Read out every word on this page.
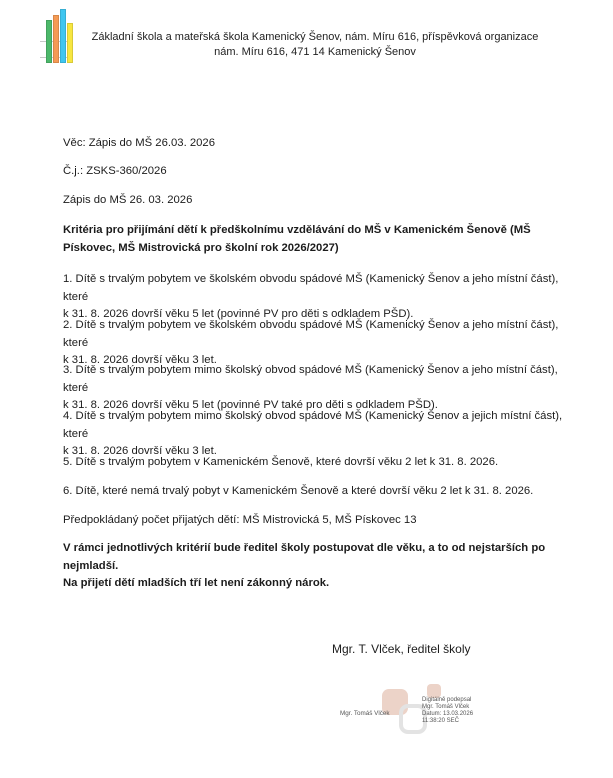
Základní škola a mateřská škola Kamenický Šenov, nám. Míru 616, příspěvková organizace
nám. Míru 616, 471 14 Kamenický Šenov
Věc: Zápis do MŠ 26.03. 2026
Č.j.: ZSKS-360/2026
Zápis do MŠ 26. 03. 2026
Kritéria pro přijímání dětí k předškolnímu vzdělávání do MŠ v Kamenickém Šenově (MŠ
Pískovec, MŠ Mistrovická pro školní rok 2026/2027)
1. Dítě s trvalým pobytem ve školském obvodu spádové MŠ (Kamenický Šenov a jeho místní část), které
k 31. 8. 2026 dovrší věku 5 let (povinné PV pro děti s odkladem PŠD).
2. Dítě s trvalým pobytem ve školském obvodu spádové MŠ (Kamenický Šenov a jeho místní část), které
k 31. 8. 2026 dovrší věku 3 let.
3. Dítě s trvalým pobytem mimo školský obvod spádové MŠ (Kamenický Šenov a jeho místní část), které
k 31. 8. 2026 dovrší věku 5 let (povinné PV také pro děti s odkladem PŠD).
4. Dítě s trvalým pobytem mimo školský obvod spádové MŠ (Kamenický Šenov a jejich místní část), které
k 31. 8. 2026 dovrší věku 3 let.
5. Dítě s trvalým pobytem v Kamenickém Šenově, které dovrší věku 2 let k 31. 8. 2026.
6. Dítě, které nemá trvalý pobyt v Kamenickém Šenově a které dovrší věku 2 let k 31. 8. 2026.
Předpokládaný počet přijatých dětí: MŠ Mistrovická 5, MŠ Pískovec 13
V rámci jednotlivých kritérií bude ředitel školy postupovat dle věku, a to od nejstarších po nejmladší.
Na přijetí dětí mladších tří let není zákonný nárok.
Mgr. T. Vlček, ředitel školy
Mgr. Tomáš Vlček
Digitálně podepsal
Mgr. Tomáš Vlček
Datum: 13.03.2026
11:38:20 SEČ
